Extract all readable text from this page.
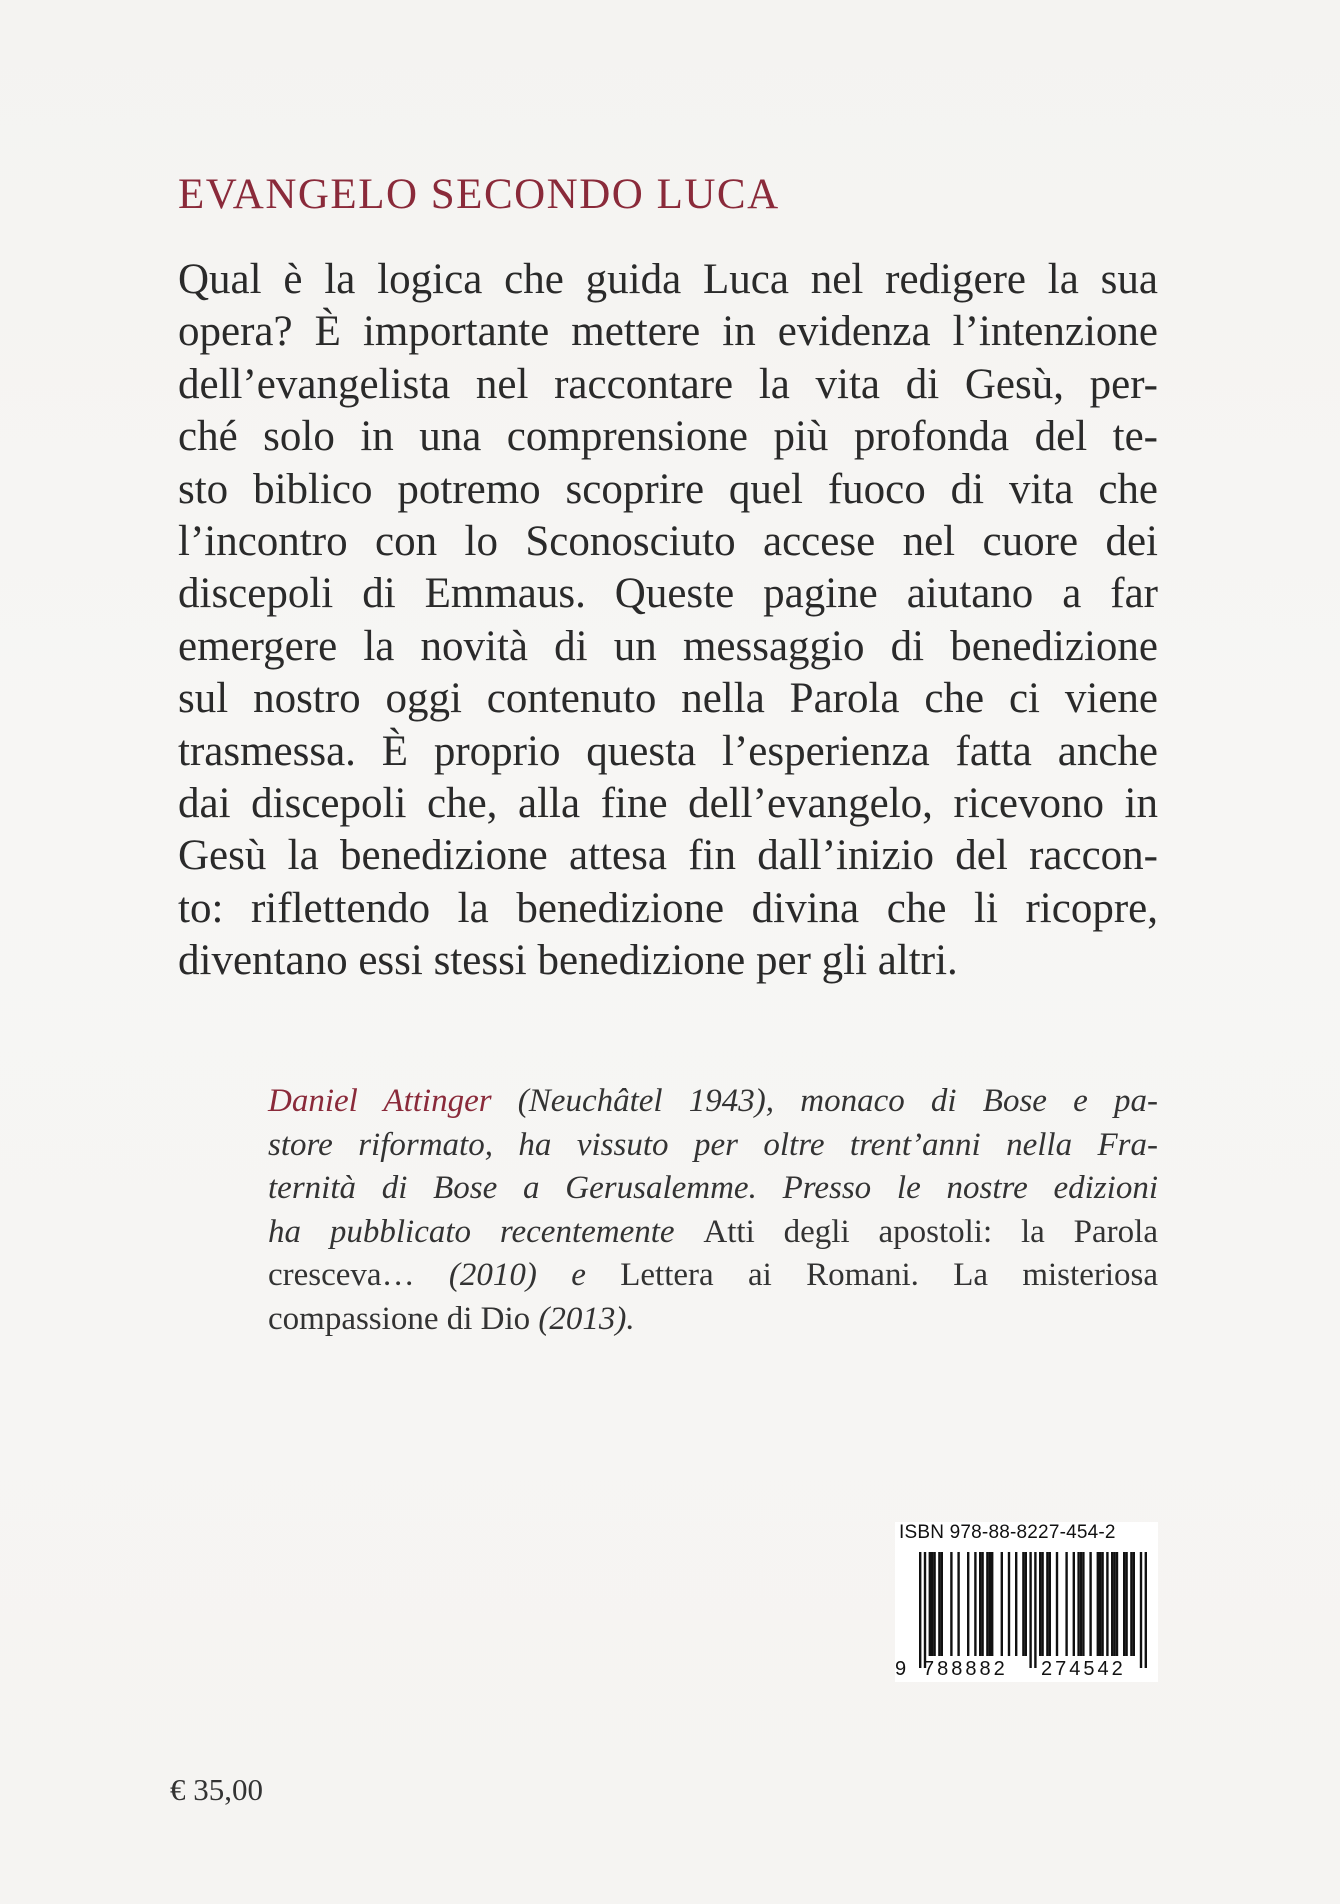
EVANGELO SECONDO LUCA
Qual è la logica che guida Luca nel redigere la sua
opera? È importante mettere in evidenza l’intenzione
dell’evangelista nel raccontare la vita di Gesù, per-
ché solo in una comprensione più profonda del te-
sto biblico potremo scoprire quel fuoco di vita che
l’incontro con lo Sconosciuto accese nel cuore dei
discepoli di Emmaus. Queste pagine aiutano a far
emergere la novità di un messaggio di benedizione
sul nostro oggi contenuto nella Parola che ci viene
trasmessa. È proprio questa l’esperienza fatta anche
dai discepoli che, alla fine dell’evangelo, ricevono in
Gesù la benedizione attesa fin dall’inizio del raccon-
to: riflettendo la benedizione divina che li ricopre,
diventano essi stessi benedizione per gli altri.
Daniel Attinger (Neuchâtel 1943), monaco di Bose e pa-
store riformato, ha vissuto per oltre trent’anni nella Fra-
ternità di Bose a Gerusalemme. Presso le nostre edizioni
ha pubblicato recentemente Atti degli apostoli: la Parola
cresceva… (2010) e Lettera ai Romani. La misteriosa
compassione di Dio (2013).
ISBN 978-88-8227-454-2
9 788882 274542
€ 35,00
